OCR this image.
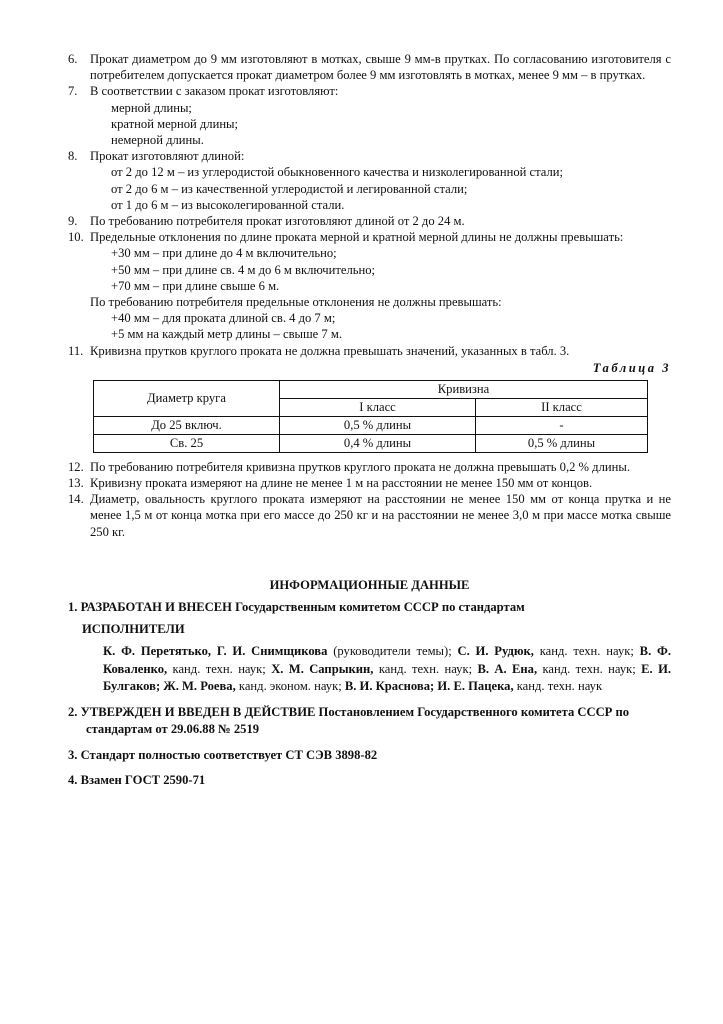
6. Прокат диаметром до 9 мм изготовляют в мотках, свыше 9 мм-в прутках. По согласованию изготовителя с потребителем допускается прокат диаметром более 9 мм изготовлять в мотках, менее 9 мм – в прутках.
7. В соответствии с заказом прокат изготовляют:
мерной длины;
кратной мерной длины;
немерной длины.
8. Прокат изготовляют длиной:
от 2 до 12 м – из углеродистой обыкновенного качества и низколегированной стали;
от 2 до 6 м – из качественной углеродистой и легированной стали;
от 1 до 6 м – из высоколегированной стали.
9. По требованию потребителя прокат изготовляют длиной от 2 до 24 м.
10. Предельные отклонения по длине проката мерной и кратной мерной длины не должны превышать:
+30 мм – при длине до 4 м включительно;
+50 мм – при длине св. 4 м до 6 м включительно;
+70 мм – при длине свыше 6 м.
По требованию потребителя предельные отклонения не должны превышать:
+40 мм – для проката длиной св. 4 до 7 м;
+5 мм на каждый метр длины – свыше 7 м.
11. Кривизна прутков круглого проката не должна превышать значений, указанных в табл. 3.
Таблица 3
Диаметр круга	Кривизна	
	I класс	II класс
До 25 включ.	0,5 % длины	-
Св. 25	0,4 % длины	0,5 % длины
12. По требованию потребителя кривизна прутков круглого проката не должна превышать 0,2 % длины.
13. Кривизну проката измеряют на длине не менее 1 м на расстоянии не менее 150 мм от концов.
14. Диаметр, овальность круглого проката измеряют на расстоянии не менее 150 мм от конца прутка и не менее 1,5 м от конца мотка при его массе до 250 кг и на расстоянии не менее 3,0 м при массе мотка свыше 250 кг.
ИНФОРМАЦИОННЫЕ ДАННЫЕ
1. РАЗРАБОТАН И ВНЕСЕН Государственным комитетом СССР по стандартам
ИСПОЛНИТЕЛИ
К. Ф. Перетятько, Г. И. Снимщикова (руководители темы); С. И. Рудюк, канд. техн. наук; В. Ф. Коваленко, канд. техн. наук; Х. М. Сапрыкин, канд. техн. наук; В. А. Ена, канд. техн. наук; Е. И. Булгаков; Ж. М. Роева, канд. эконом. наук; В. И. Краснова; И. Е. Пацека, канд. техн. наук
2. УТВЕРЖДЕН И ВВЕДЕН В ДЕЙСТВИЕ Постановлением Государственного комитета СССР по стандартам от 29.06.88 № 2519
3. Стандарт полностью соответствует СТ СЭВ 3898-82
4. Взамен ГОСТ 2590-71
